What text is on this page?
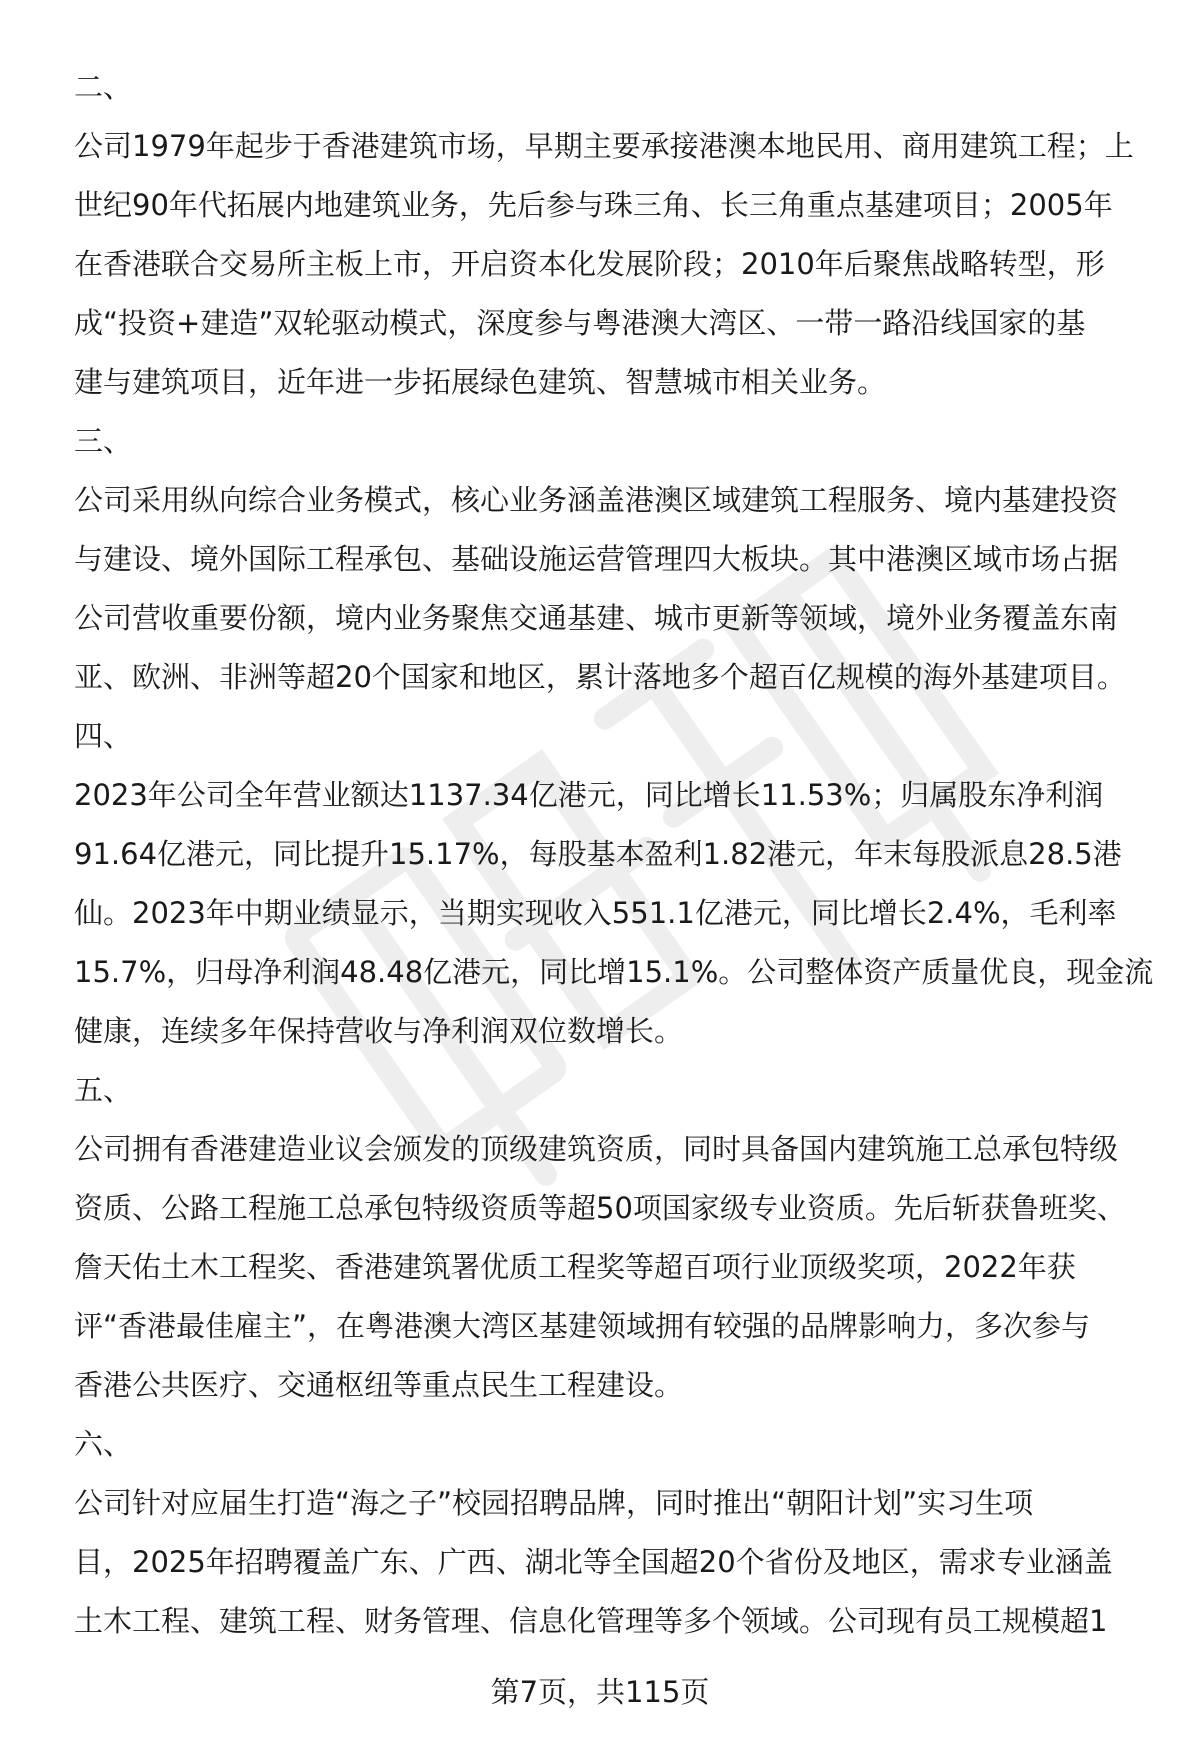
二、
公司1979年起步于香港建筑市场，早期主要承接港澳本地民用、商用建筑工程；上
世纪90年代拓展内地建筑业务，先后参与珠三角、长三角重点基建项目；2005年
在香港联合交易所主板上市，开启资本化发展阶段；2010年后聚焦战略转型，形
成“投资+建造”双轮驱动模式，深度参与粤港澳大湾区、一带一路沿线国家的基
建与建筑项目，近年进一步拓展绿色建筑、智慧城市相关业务。
三、
公司采用纵向综合业务模式，核心业务涵盖港澳区域建筑工程服务、境内基建投资
与建设、境外国际工程承包、基础设施运营管理四大板块。其中港澳区域市场占据
公司营收重要份额，境内业务聚焦交通基建、城市更新等领域，境外业务覆盖东南
亚、欧洲、非洲等超20个国家和地区，累计落地多个超百亿规模的海外基建项目。
四、
2023年公司全年营业额达1137.34亿港元，同比增长11.53%；归属股东净利润
91.64亿港元，同比提升15.17%，每股基本盈利1.82港元，年末每股派息28.5港
仙。2023年中期业绩显示，当期实现收入551.1亿港元，同比增长2.4%，毛利率
15.7%，归母净利润48.48亿港元，同比增15.1%。公司整体资产质量优良，现金流
健康，连续多年保持营收与净利润双位数增长。
五、
公司拥有香港建造业议会颁发的顶级建筑资质，同时具备国内建筑施工总承包特级
资质、公路工程施工总承包特级资质等超50项国家级专业资质。先后斩获鲁班奖、
詹天佑土木工程奖、香港建筑署优质工程奖等超百项行业顶级奖项，2022年获
评“香港最佳雇主”，在粤港澳大湾区基建领域拥有较强的品牌影响力，多次参与
香港公共医疗、交通枢纽等重点民生工程建设。
六、
公司针对应届生打造“海之子”校园招聘品牌，同时推出“朝阳计划”实习生项
目，2025年招聘覆盖广东、广西、湖北等全国超20个省份及地区，需求专业涵盖
土木工程、建筑工程、财务管理、信息化管理等多个领域。公司现有员工规模超1
第7页，共115页
